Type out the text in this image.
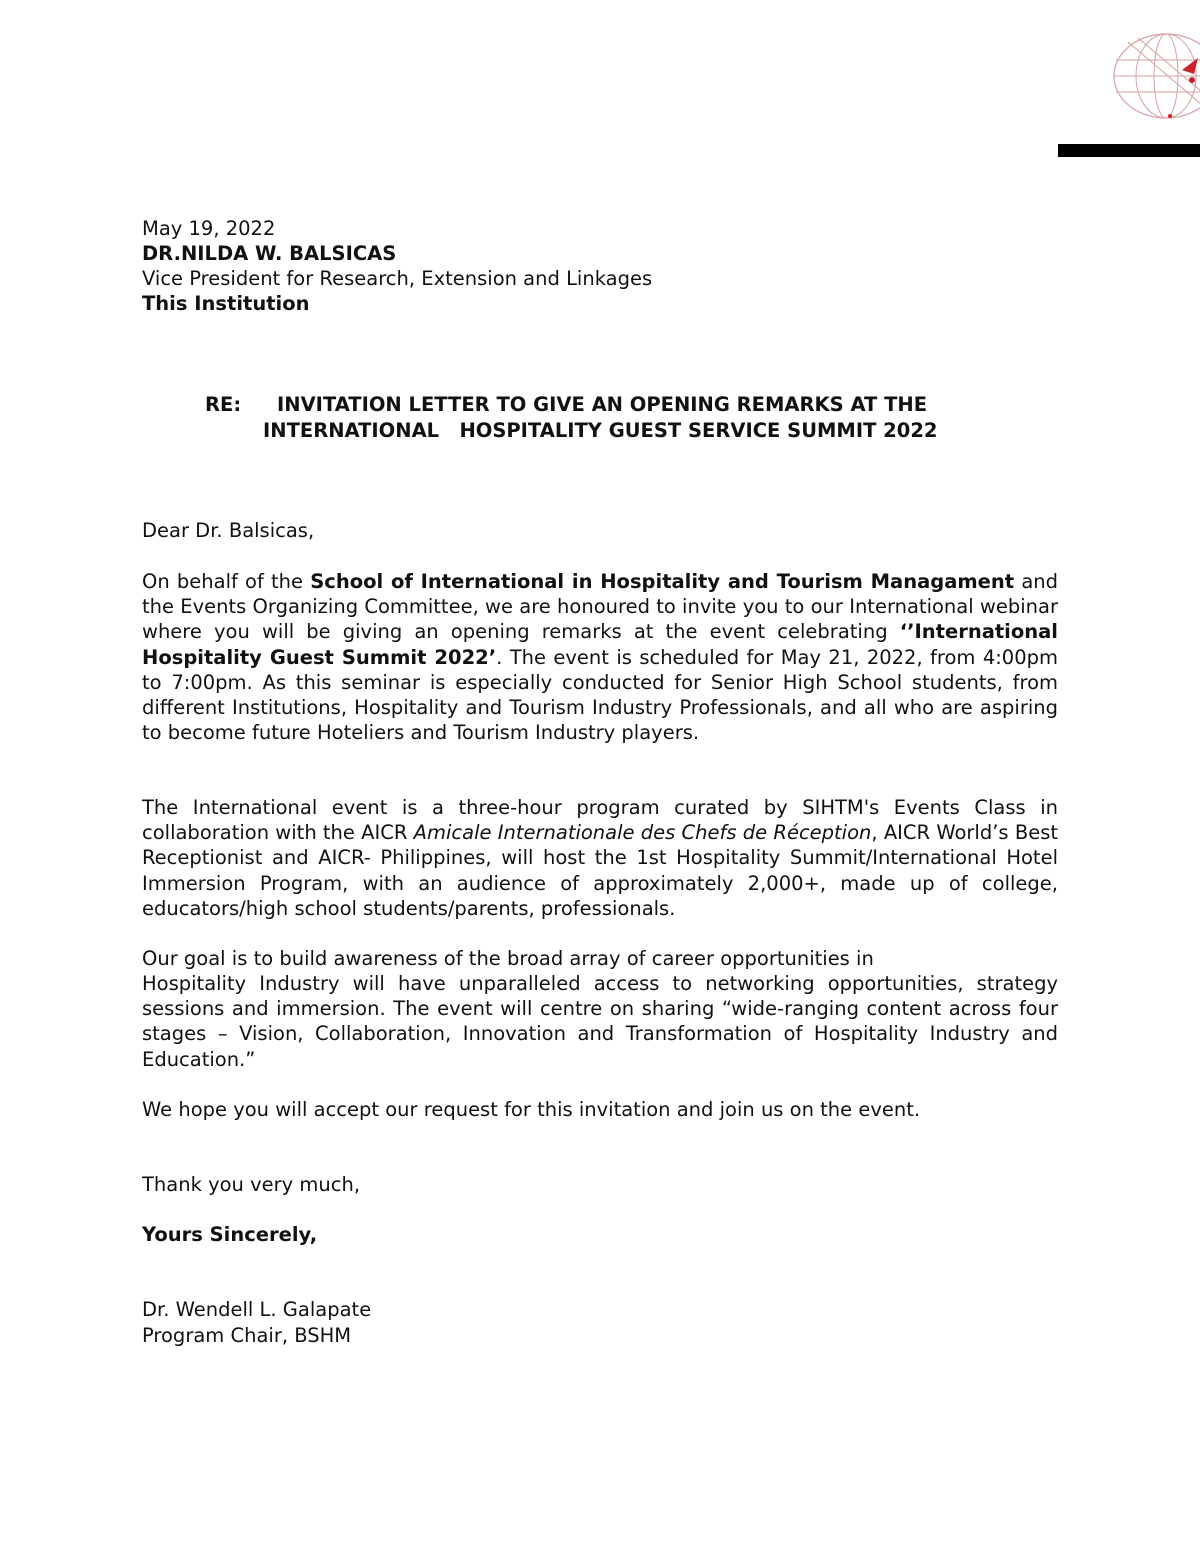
May 19, 2022
DR.NILDA W. BALSICAS
Vice President for Research, Extension and Linkages
This Institution
RE: INVITATION LETTER TO GIVE AN OPENING REMARKS AT THE
INTERNATIONAL   HOSPITALITY GUEST SERVICE SUMMIT 2022

Dear Dr. Balsicas,

On behalf of the School of International in Hospitality and Tourism Managament and the Events Organizing Committee, we are honoured to invite you to our International webinar where you will be giving an opening remarks at the event celebrating ‘’International Hospitality Guest Summit 2022’. The event is scheduled for May 21, 2022, from 4:00pm to 7:00pm. As this seminar is especially conducted for Senior High School students, from different Institutions, Hospitality and Tourism Industry Professionals, and all who are aspiring to become future Hoteliers and Tourism Industry players.

The International event is a three-hour program curated by SIHTM's Events Class in collaboration with the AICR Amicale Internationale des Chefs de Réception, AICR World’s Best Receptionist and AICR- Philippines, will host the 1st Hospitality Summit/International Hotel Immersion Program, with an audience of approximately 2,000+, made up of college, educators/high school students/parents, professionals.

Our goal is to build awareness of the broad array of career opportunities in

Hospitality Industry will have unparalleled access to networking opportunities, strategy sessions and immersion. The event will centre on sharing “wide-ranging content across four stages – Vision, Collaboration, Innovation and Transformation of Hospitality Industry and Education.”

We hope you will accept our request for this invitation and join us on the event.

Thank you very much,

Yours Sincerely,

Dr. Wendell L. Galapate

Program Chair, BSHM
